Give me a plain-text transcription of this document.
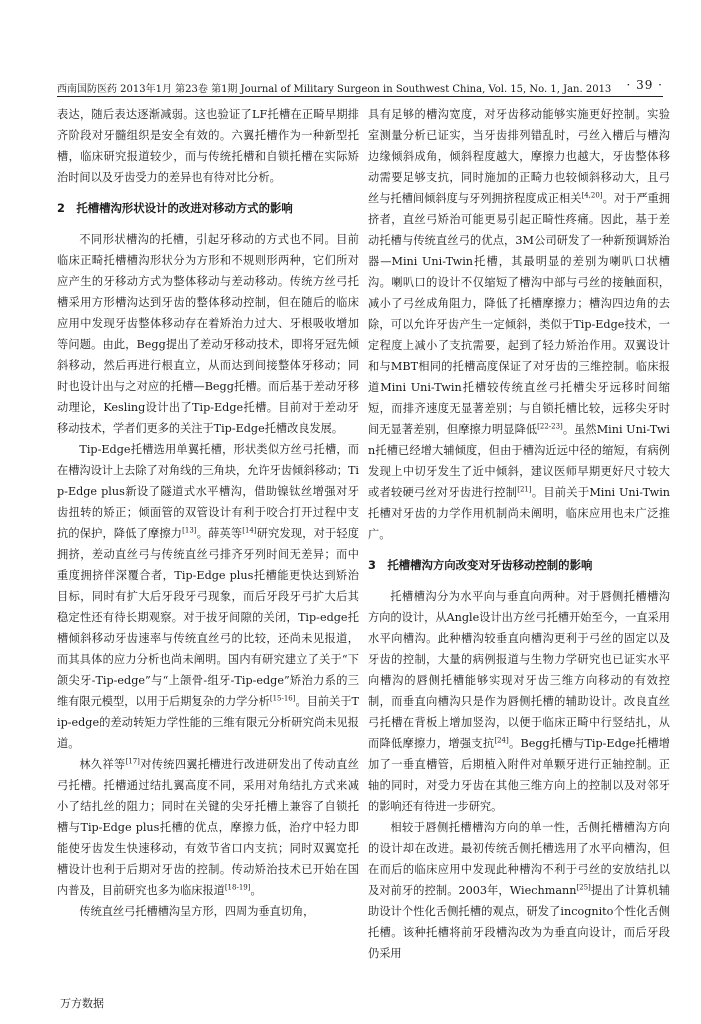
西南国防医药 2013年1月 第23卷 第1期 Journal of Military Surgeon in Southwest China, Vol. 15, No. 1, Jan. 2013 · 39 ·

表达，随后表达逐渐减弱。这也验证了LF托槽在正畸早期排齐阶段对牙髓组织是安全有效的。六翼托槽作为一种新型托槽，临床研究报道较少，而与传统托槽和自锁托槽在实际矫治时间以及牙齿受力的差异也有待对比分析。

2　托槽槽沟形状设计的改进对移动方式的影响

不同形状槽沟的托槽，引起牙移动的方式也不同。目前临床正畸托槽槽沟形状分为方形和不规则形两种，它们所对应产生的牙移动方式为整体移动与差动移动。传统方丝弓托槽采用方形槽沟达到牙齿的整体移动控制，但在随后的临床应用中发现牙齿整体移动存在着矫治力过大、牙根吸收增加等问题。由此，Begg提出了差动牙移动技术，即将牙冠先倾斜移动，然后再进行根直立，从而达到间接整体牙移动；同时也设计出与之对应的托槽—Begg托槽。而后基于差动牙移动理论，Kesling设计出了Tip-Edge托槽。目前对于差动牙移动技术，学者们更多的关注于Tip-Edge托槽改良发展。

Tip-Edge托槽选用单翼托槽，形状类似方丝弓托槽，而在槽沟设计上去除了对角线的三角块，允许牙齿倾斜移动；Tip-Edge plus新设了隧道式水平槽沟，借助镍钛丝增强对牙齿扭转的矫正；倾面管的双管设计有利于咬合打开过程中支抗的保护，降低了摩擦力[13]。薛英等[14]研究发现，对于轻度拥挤，差动直丝弓与传统直丝弓排齐牙列时间无差异；而中重度拥挤伴深覆合者，Tip-Edge plus托槽能更快达到矫治目标，同时有扩大后牙段牙弓现象，而后牙段牙弓扩大后其稳定性还有待长期观察。对于拔牙间隙的关闭，Tip-edge托槽倾斜移动牙齿速率与传统直丝弓的比较，还尚未见报道，而其具体的应力分析也尚未阐明。国内有研究建立了关于“下颌尖牙-Tip-edge”与“上颌骨-组牙-Tip-edge”矫治力系的三维有限元模型，以用于后期复杂的力学分析[15-16]。目前关于Tip-edge的差动转矩力学性能的三维有限元分析研究尚未见报道。

林久祥等[17]对传统四翼托槽进行改进研发出了传动直丝弓托槽。托槽通过结扎翼高度不同，采用对角结扎方式来减小了结扎丝的阻力；同时在关键的尖牙托槽上兼容了自锁托槽与Tip-Edge plus托槽的优点，摩擦力低，治疗中轻力即能使牙齿发生快速移动，有效节省口内支抗；同时双翼宽托槽设计也利于后期对牙齿的控制。传动矫治技术已开始在国内普及，目前研究也多为临床报道[18-19]。

传统直丝弓托槽槽沟呈方形，四周为垂直切角，

具有足够的槽沟宽度，对牙齿移动能够实施更好控制。实验室测量分析已证实，当牙齿排列错乱时，弓丝入槽后与槽沟边缘倾斜成角，倾斜程度越大，摩擦力也越大，牙齿整体移动需要足够支抗，同时施加的正畸力也较倾斜移动大，且弓丝与托槽间倾斜度与牙列拥挤程度成正相关[4,20]。对于严重拥挤者，直丝弓矫治可能更易引起正畸性疼痛。因此，基于差动托槽与传统直丝弓的优点，3M公司研发了一种新预调矫治器—Mini Uni-Twin托槽，其最明显的差别为喇叭口状槽沟。喇叭口的设计不仅缩短了槽沟中部与弓丝的接触面积，减小了弓丝成角阻力，降低了托槽摩擦力；槽沟四边角的去除，可以允许牙齿产生一定倾斜，类似于Tip-Edge技术，一定程度上减小了支抗需要，起到了轻力矫治作用。双翼设计和与MBT相同的托槽高度保证了对牙齿的三维控制。临床报道Mini Uni-Twin托槽较传统直丝弓托槽尖牙远移时间缩短，而排齐速度无显著差别；与自锁托槽比较，远移尖牙时间无显著差别，但摩擦力明显降低[22-23]。虽然Mini Uni-Twin托槽已经增大辅倾度，但由于槽沟近远中径的缩短，有病例发现上中切牙发生了近中倾斜，建议医师早期更好尺寸较大或者较硬弓丝对牙齿进行控制[21]。目前关于Mini Uni-Twin托槽对牙齿的力学作用机制尚未阐明，临床应用也未广泛推广。

3　托槽槽沟方向改变对牙齿移动控制的影响

托槽槽沟分为水平向与垂直向两种。对于唇侧托槽槽沟方向的设计，从Angle设计出方丝弓托槽开始至今，一直采用水平向槽沟。此种槽沟较垂直向槽沟更利于弓丝的固定以及牙齿的控制，大量的病例报道与生物力学研究也已证实水平向槽沟的唇侧托槽能够实现对牙齿三维方向移动的有效控制，而垂直向槽沟只是作为唇侧托槽的辅助设计。改良直丝弓托槽在背板上增加竖沟，以便于临床正畸中行竖结扎，从而降低摩擦力，增强支抗[24]。Begg托槽与Tip-Edge托槽增加了一垂直槽管，后期植入附件对单颗牙进行正轴控制。正轴的同时，对受力牙齿在其他三维方向上的控制以及对邻牙的影响还有待进一步研究。

相较于唇侧托槽槽沟方向的单一性，舌侧托槽槽沟方向的设计却在改进。最初传统舌侧托槽选用了水平向槽沟，但在而后的临床应用中发现此种槽沟不利于弓丝的安放结扎以及对前牙的控制。2003年，Wiechmann[25]提出了计算机辅助设计个性化舌侧托槽的观点，研发了incognito个性化舌侧托槽。该种托槽将前牙段槽沟改为为垂直向设计，而后牙段仍采用

万方数据
